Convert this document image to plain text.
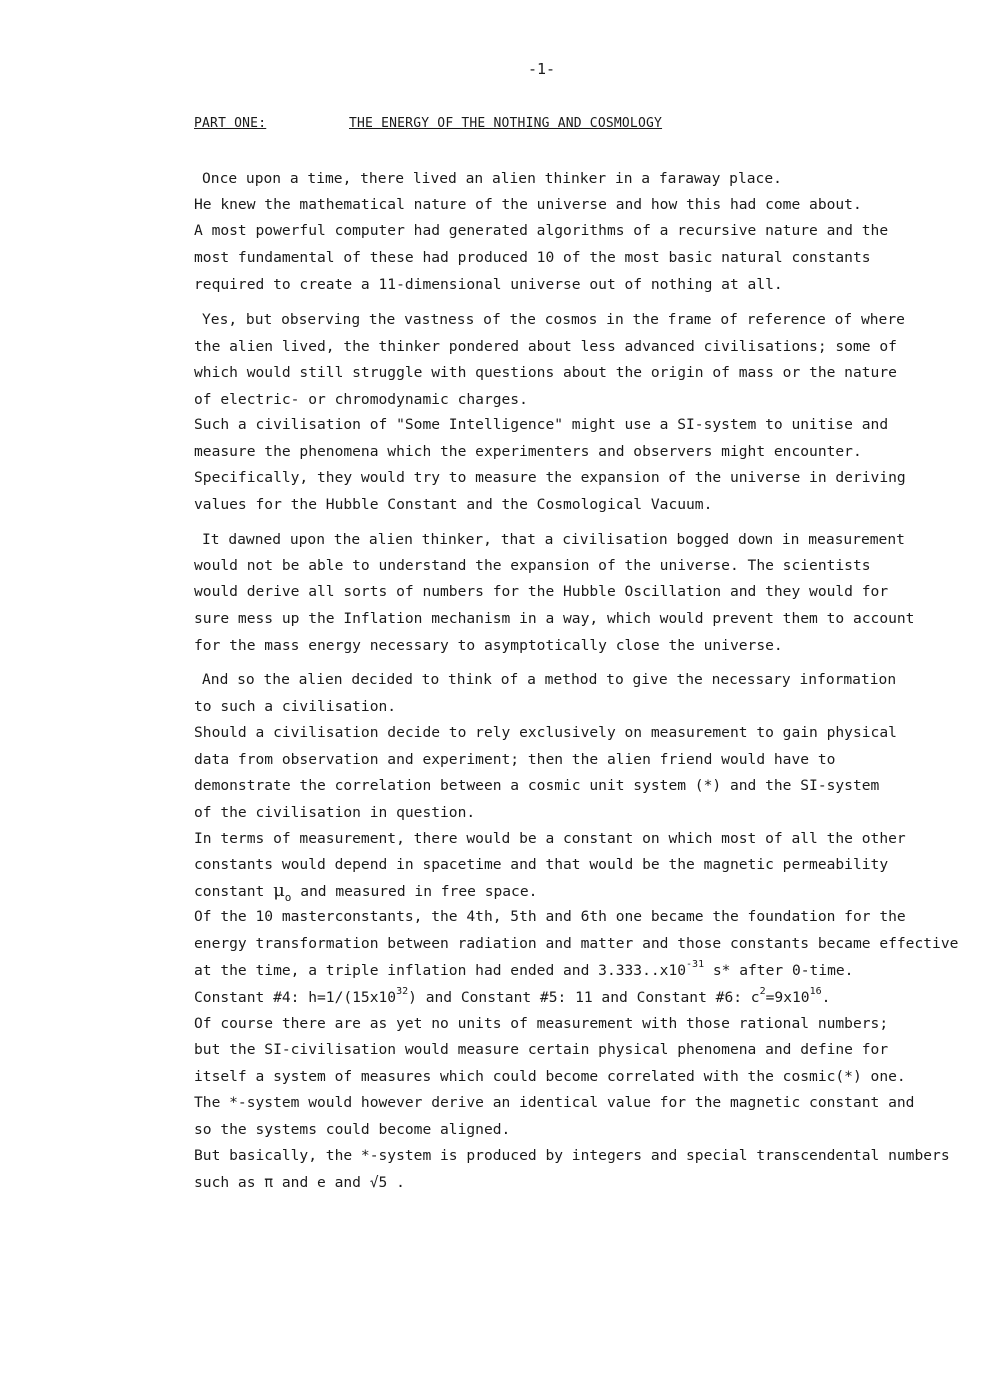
-1-
PART ONE:	THE ENERGY OF THE NOTHING AND COSMOLOGY
Once upon a time, there lived an alien thinker in a faraway place.
He knew the mathematical nature of the universe and how this had come about.
A most powerful computer had generated algorithms of a recursive nature and the
most fundamental of these had produced 10 of the most basic natural constants
required to create a 11-dimensional universe out of nothing at all.
Yes, but observing the vastness of the cosmos in the frame of reference of where
the alien lived, the thinker pondered about less advanced civilisations; some of
which would still struggle with questions about the origin of mass or the nature
of electric- or chromodynamic charges.
Such a civilisation of "Some Intelligence" might use a SI-system to unitise and
measure the phenomena which the experimenters and observers might encounter.
Specifically, they would try to measure the expansion of the universe in deriving
values for the Hubble Constant and the Cosmological Vacuum.
It dawned upon the alien thinker, that a civilisation bogged down in measurement
would not be able to understand the expansion of the universe. The scientists
would derive all sorts of numbers for the Hubble Oscillation and they would for
sure mess up the Inflation mechanism in a way, which would prevent them to account
for the mass energy necessary to asymptotically close the universe.
And so the alien decided to think of a method to give the necessary information
to such a civilisation.
Should a civilisation decide to rely exclusively on measurement to gain physical
data from observation and experiment; then the alien friend would have to
demonstrate the correlation between a cosmic unit system (*) and the SI-system
of the civilisation in question.
In terms of measurement, there would be a constant on which most of all the other
constants would depend in spacetime and that would be the magnetic permeability
constant $\mu_o$ and measured in free space.
Of the 10 masterconstants, the 4th, 5th and 6th one became the foundation for the
energy transformation between radiation and matter and those constants became effective
at the time, a triple inflation had ended and $3.333..x10^{-31}$ s* after 0-time.
Constant #4: $h=1/(15x10^{32})$ and Constant #5: 11 and Constant #6: $c^2=9x10^{16}$.
Of course there are as yet no units of measurement with those rational numbers;
but the SI-civilisation would measure certain physical phenomena and define for
itself a system of measures which could become correlated with the cosmic(*) one.
The *-system would however derive an identical value for the magnetic constant and
so the systems could become aligned.
But basically, the *-system is produced by integers and special transcendental numbers
such as π and e and √5 .
